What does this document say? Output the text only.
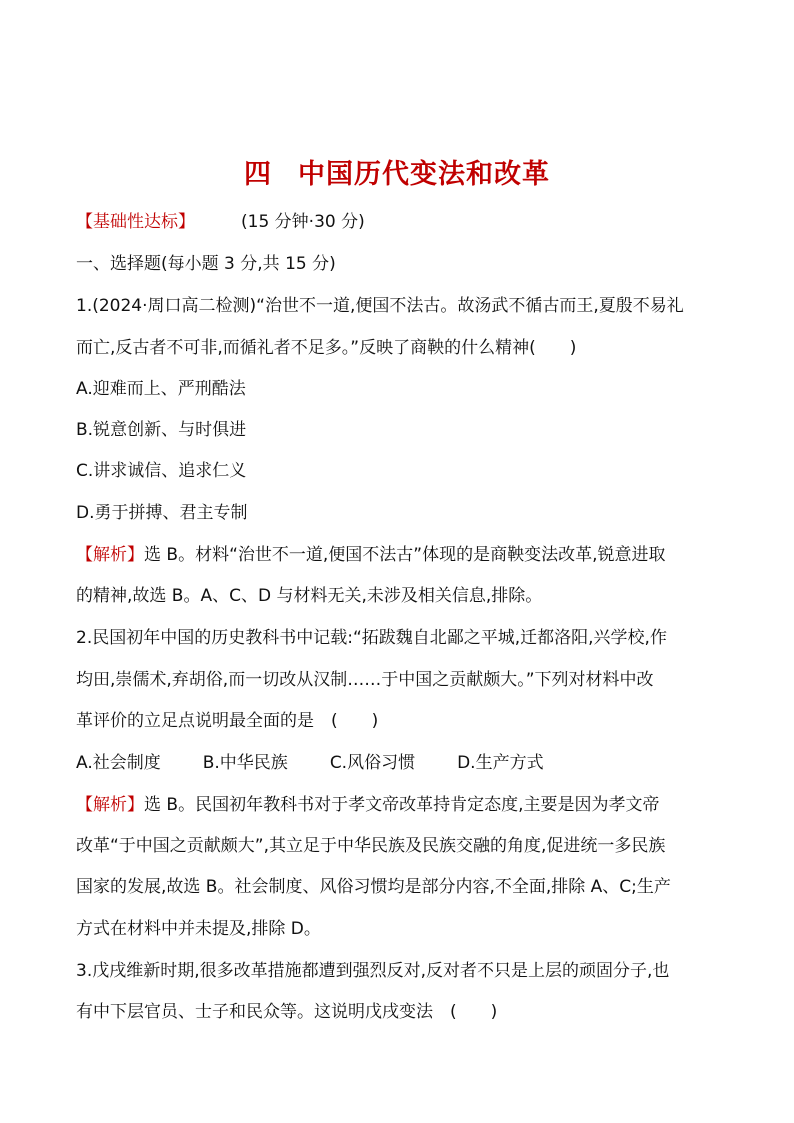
四 中国历代变法和改革
【基础性达标】	(15 分钟·30 分)
一、选择题(每小题 3 分,共 15 分)
1.(2024·周口高二检测)“治世不一道,便国不法古。故汤武不循古而王,夏殷不易礼
而亡,反古者不可非,而循礼者不足多。”反映了商鞅的什么精神(　　)
A.迎难而上、严刑酷法
B.锐意创新、与时俱进
C.讲求诚信、追求仁义
D.勇于拼搏、君主专制
【解析】选 B。材料“治世不一道,便国不法古”体现的是商鞅变法改革,锐意进取
的精神,故选 B。A、C、D 与材料无关,未涉及相关信息,排除。
2.民国初年中国的历史教科书中记载:“拓跋魏自北鄙之平城,迁都洛阳,兴学校,作
均田,崇儒术,弃胡俗,而一切改从汉制……于中国之贡献颇大。”下列对材料中改
革评价的立足点说明最全面的是　(　　)
A.社会制度 B.中华民族 C.风俗习惯 D.生产方式
【解析】选 B。民国初年教科书对于孝文帝改革持肯定态度,主要是因为孝文帝
改革“于中国之贡献颇大”,其立足于中华民族及民族交融的角度,促进统一多民族
国家的发展,故选 B。社会制度、风俗习惯均是部分内容,不全面,排除 A、C;生产
方式在材料中并未提及,排除 D。
3.戊戌维新时期,很多改革措施都遭到强烈反对,反对者不只是上层的顽固分子,也
有中下层官员、士子和民众等。这说明戊戌变法　(　　)
